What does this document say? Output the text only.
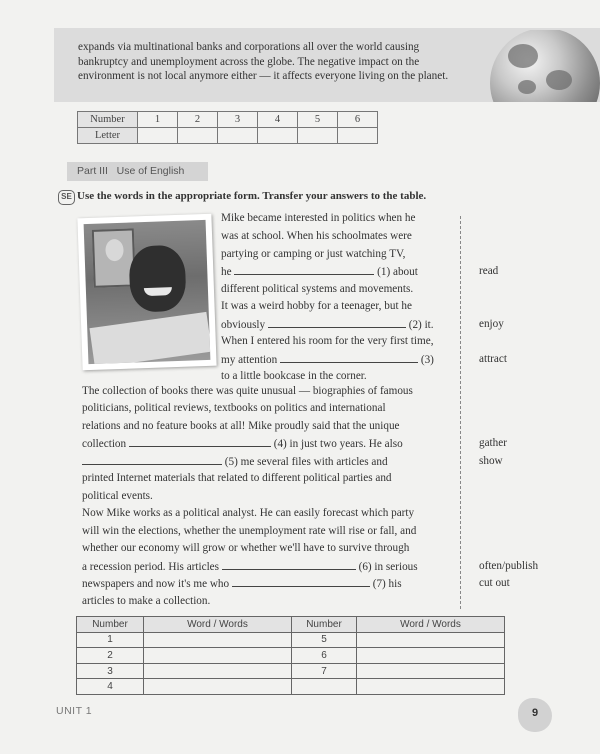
expands via multinational banks and corporations all over the world causing
bankruptcy and unemployment across the globe. The negative impact on the
environment is not local anymore either — it affects everyone living on the planet.
Number	1	2	3	4	5	6
Letter						
Part III   Use of English
SE Use the words in the appropriate form. Transfer your answers to the table.
Mike became interested in politics when he
was at school. When his schoolmates were
partying or camping or just watching TV,
he	(1) about
different political systems and movements.
It was a weird hobby for a teenager, but he
obviously	(2) it.
When I entered his room for the very first time,
my attention	(3)
to a little bookcase in the corner.
The collection of books there was quite unusual — biographies of famous
politicians, political reviews, textbooks on politics and international
relations and no feature books at all! Mike proudly said that the unique
collection	(4) in just two years. He also
(5) me several files with articles and
printed Internet materials that related to different political parties and
political events.
Now Mike works as a political analyst. He can easily forecast which party
will win the elections, whether the unemployment rate will rise or fall, and
whether our economy will grow or whether we'll have to survive through
a recession period. His articles	(6) in serious
newspapers and now it's me who	(7) his
articles to make a collection.
read
enjoy
attract
gather
show
often/publish
cut out
Number	Word / Words	Number	Word / Words
1		5	
2		6	
3		7	
4			
UNIT 1	9
